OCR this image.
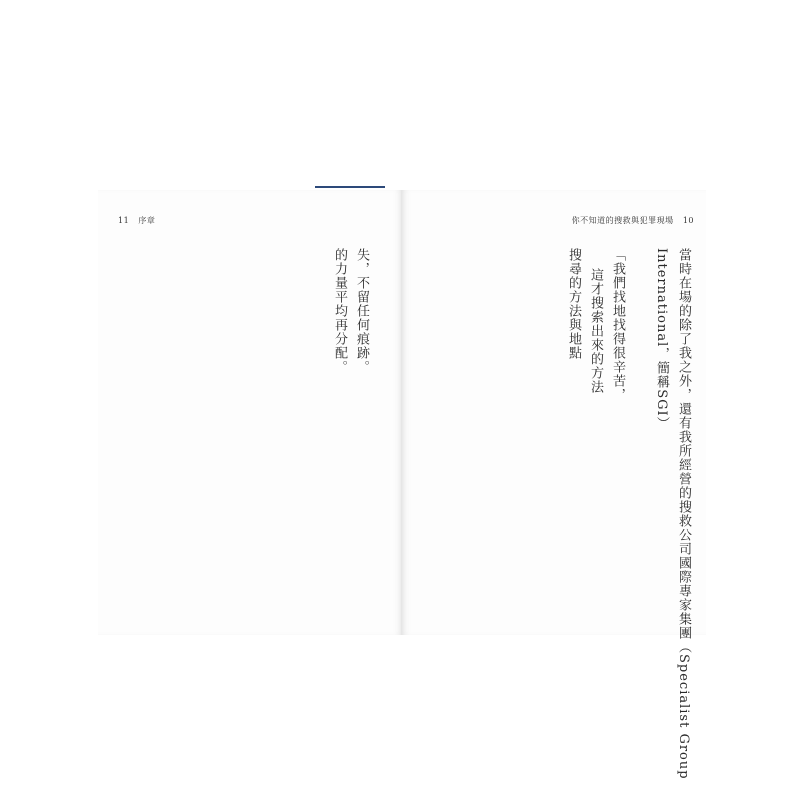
11 序章	你不知道的搜救與犯罪現場 10
當時在場的除了我之外，還有我所經營的搜救公司國際專家集團（Specialist Group
International，簡稱SGI）
「我們找地找得很辛苦，
這才搜索出來的方法
搜尋的方法與地點
失，不留任何痕跡。
的力量平均再分配。
